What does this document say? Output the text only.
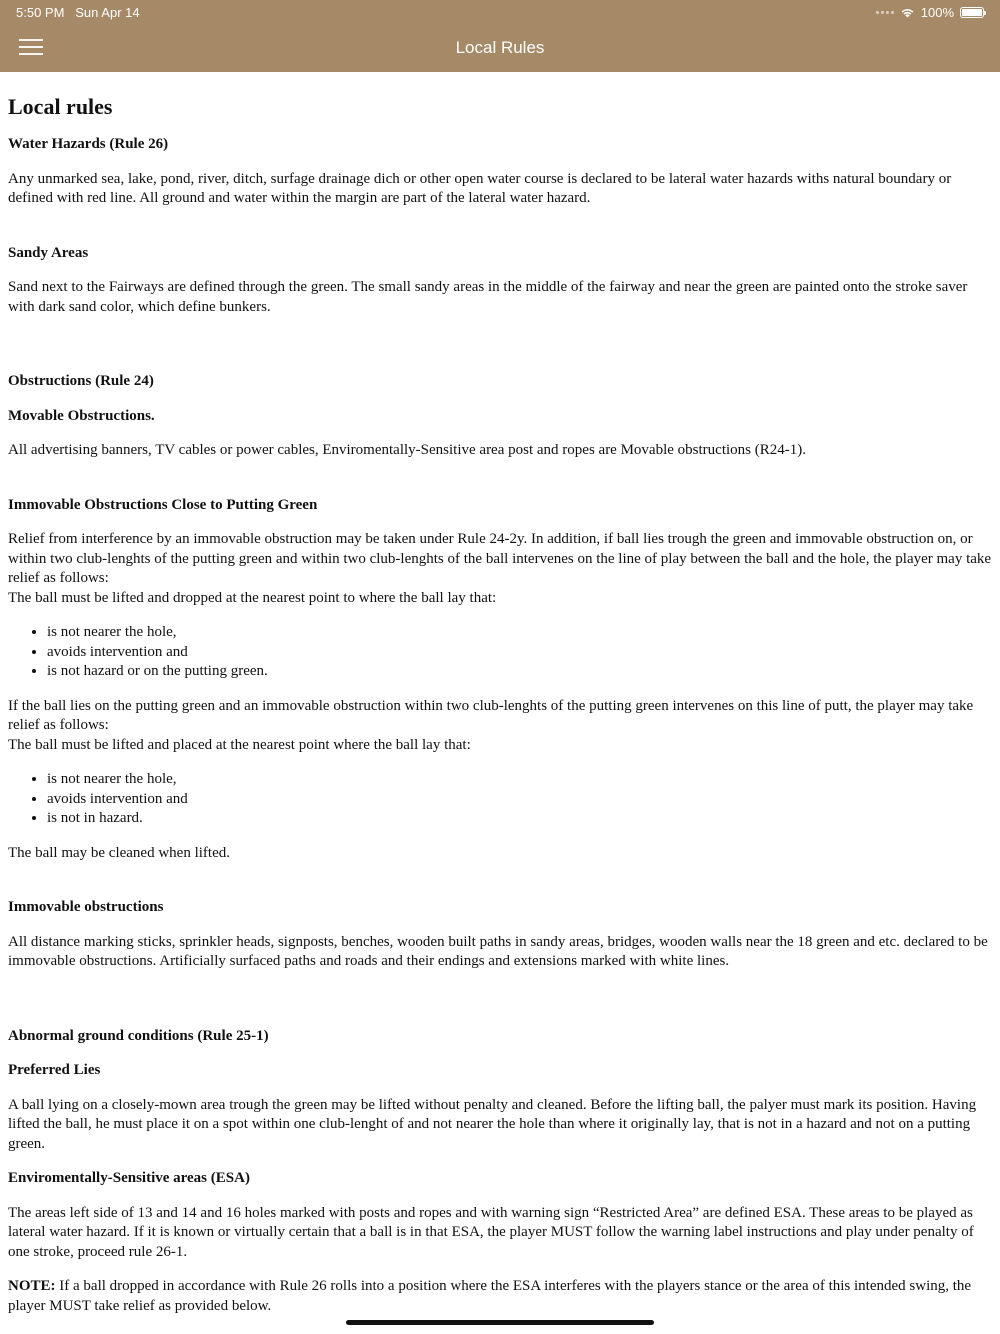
5:50 PM Sun Apr 14	100%
Local Rules
Local rules
Water Hazards (Rule 26)

Any unmarked sea, lake, pond, river, ditch, surfage drainage dich or other open water course is declared to be lateral water hazards withs natural boundary or defined with red line. All ground and water within the margin are part of the lateral water hazard.

Sandy Areas

Sand next to the Fairways are defined through the green. The small sandy areas in the middle of the fairway and near the green are painted onto the stroke saver with dark sand color, which define bunkers.

Obstructions (Rule 24)
Movable Obstructions.

All advertising banners, TV cables or power cables, Enviromentally-Sensitive area post and ropes are Movable obstructions (R24-1).

Immovable Obstructions Close to Putting Green

Relief from interference by an immovable obstruction may be taken under Rule 24-2y. In addition, if ball lies trough the green and immovable obstruction on, or within two club-lenghts of the putting green and within two club-lenghts of the ball intervenes on the line of play between the ball and the hole, the player may take relief as follows:
The ball must be lifted and dropped at the nearest point to where the ball lay that:

• is not nearer the hole,
• avoids intervention and
• is not hazard or on the putting green.

If the ball lies on the putting green and an immovable obstruction within two club-lenghts of the putting green intervenes on this line of putt, the player may take relief as follows:
The ball must be lifted and placed at the nearest point where the ball lay that:

• is not nearer the hole,
• avoids intervention and
• is not in hazard.

The ball may be cleaned when lifted.

Immovable obstructions

All distance marking sticks, sprinkler heads, signposts, benches, wooden built paths in sandy areas, bridges, wooden walls near the 18 green and etc. declared to be immovable obstructions. Artificially surfaced paths and roads and their endings and extensions marked with white lines.

Abnormal ground conditions (Rule 25-1)
Preferred Lies

A ball lying on a closely-mown area trough the green may be lifted without penalty and cleaned. Before the lifting ball, the palyer must mark its position. Having lifted the ball, he must place it on a spot within one club-lenght of and not nearer the hole than where it originally lay, that is not in a hazard and not on a putting green.

Enviromentally-Sensitive areas (ESA)

The areas left side of 13 and 14 and 16 holes marked with posts and ropes and with warning sign “Restricted Area” are defined ESA. These areas to be played as lateral water hazard. If it is known or virtually certain that a ball is in that ESA, the player MUST follow the warning label instructions and play under penalty of one stroke, proceed rule 26-1.

NOTE: If a ball dropped in accordance with Rule 26 rolls into a position where the ESA interferes with the players stance or the area of this intended swing, the player MUST take relief as provided below.
